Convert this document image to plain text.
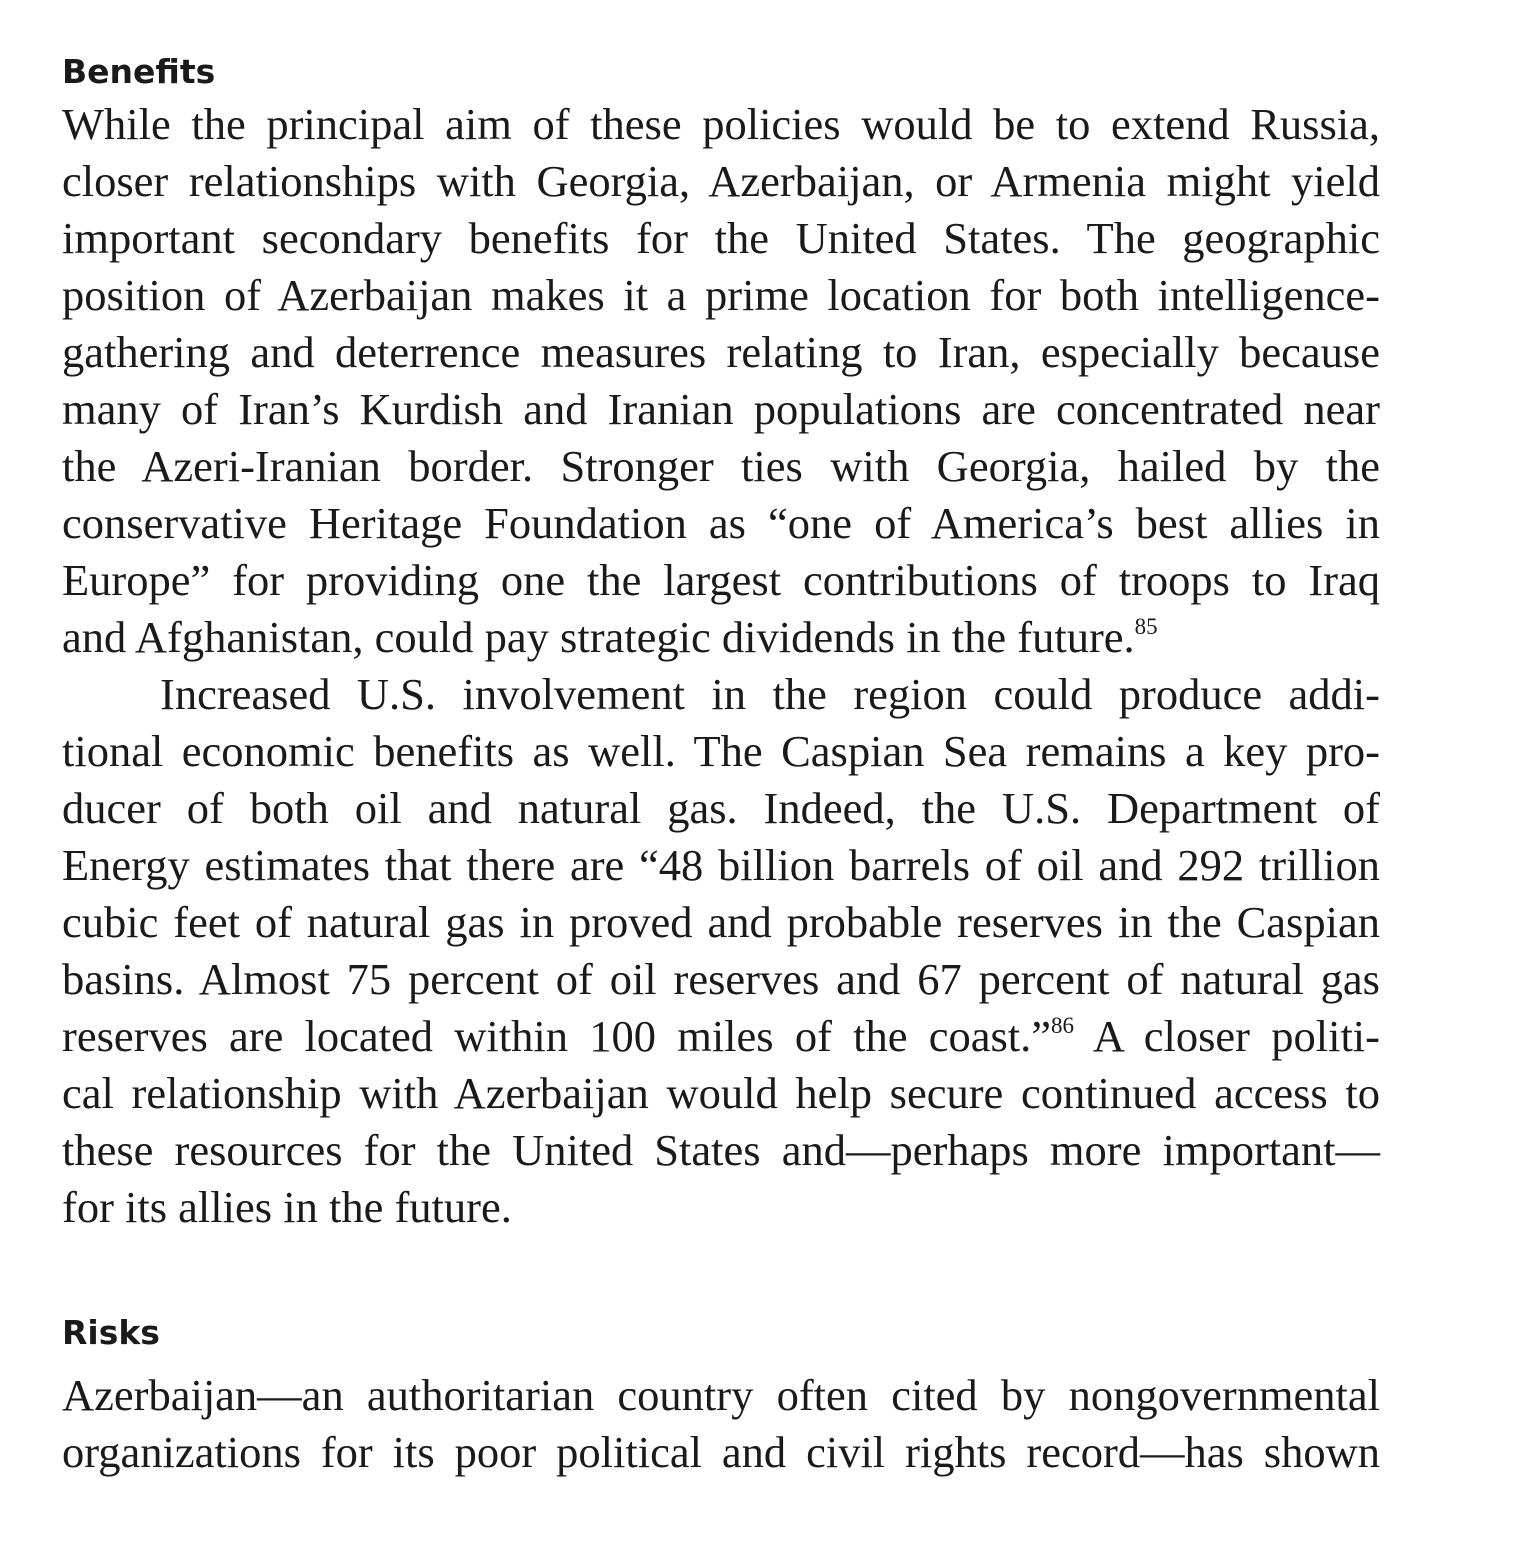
Benefits
While the principal aim of these policies would be to extend Russia,
closer relationships with Georgia, Azerbaijan, or Armenia might yield
important secondary benefits for the United States. The geographic
position of Azerbaijan makes it a prime location for both intelligence-
gathering and deterrence measures relating to Iran, especially because
many of Iran’s Kurdish and Iranian populations are concentrated near
the Azeri-Iranian border. Stronger ties with Georgia, hailed by the
conservative Heritage Foundation as “one of America’s best allies in
Europe” for providing one the largest contributions of troops to Iraq
and Afghanistan, could pay strategic dividends in the future.$^{85}$
Increased U.S. involvement in the region could produce addi-
tional economic benefits as well. The Caspian Sea remains a key pro-
ducer of both oil and natural gas. Indeed, the U.S. Department of
Energy estimates that there are “48 billion barrels of oil and 292 trillion
cubic feet of natural gas in proved and probable reserves in the Caspian
basins. Almost 75 percent of oil reserves and 67 percent of natural gas
reserves are located within 100 miles of the coast.”$^{86}$ A closer politi-
cal relationship with Azerbaijan would help secure continued access to
these resources for the United States and—perhaps more important—
for its allies in the future.
Risks
Azerbaijan—an authoritarian country often cited by nongovernmental
organizations for its poor political and civil rights record—has shown
